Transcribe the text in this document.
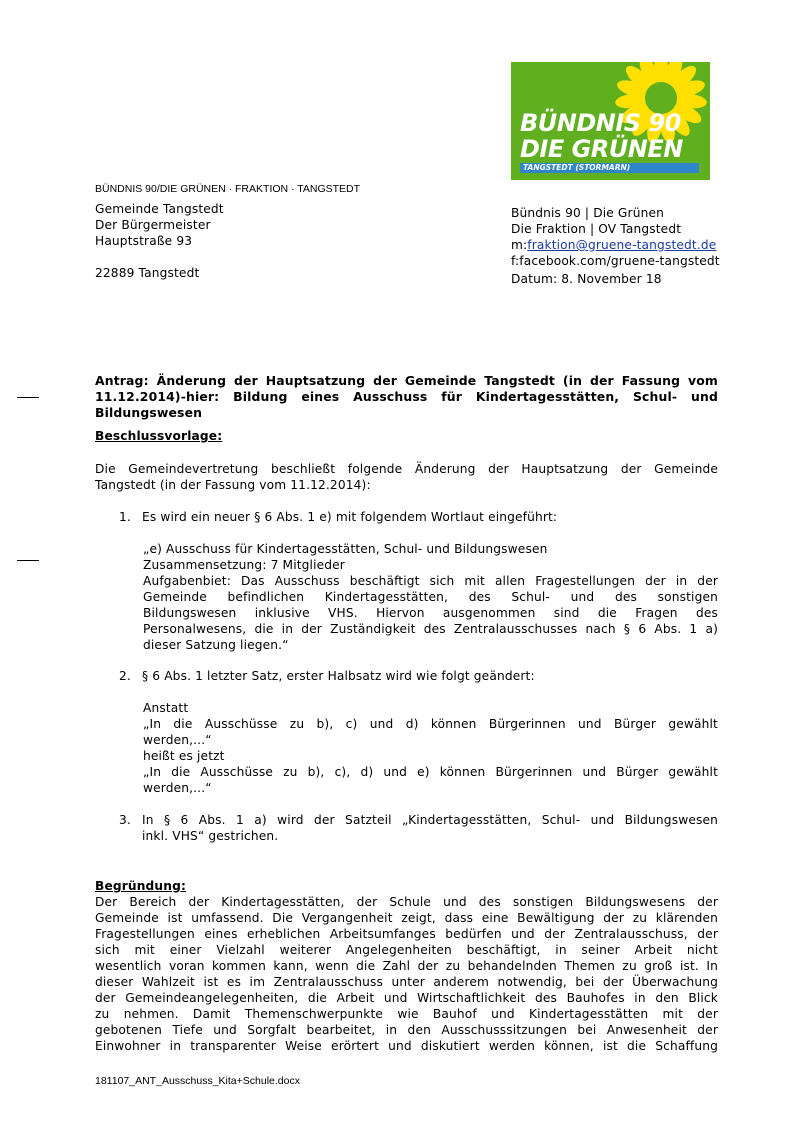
BÜNDNIS 90
DIE GRÜNEN
TANGSTEDT (STORMARN)
BÜNDNIS 90/DIE GRÜNEN · FRAKTION · TANGSTEDT
Gemeinde Tangstedt
Der Bürgermeister
Hauptstraße 93
22889 Tangstedt
Bündnis 90 | Die Grünen
Die Fraktion | OV Tangstedt
m:fraktion@gruene-tangstedt.de
f:facebook.com/gruene-tangstedt
Datum: 8. November 18
Antrag: Änderung der Hauptsatzung der Gemeinde Tangstedt (in der Fassung vom
11.12.2014)-hier: Bildung eines Ausschuss für Kindertagesstätten, Schul- und
Bildungswesen
Beschlussvorlage:
Die Gemeindevertretung beschließt folgende Änderung der Hauptsatzung der Gemeinde
Tangstedt (in der Fassung vom 11.12.2014):
1. Es wird ein neuer § 6 Abs. 1 e) mit folgendem Wortlaut eingeführt:
„e) Ausschuss für Kindertagesstätten, Schul- und Bildungswesen
Zusammensetzung: 7 Mitglieder
Aufgabenbiet: Das Ausschuss beschäftigt sich mit allen Fragestellungen der in der
Gemeinde befindlichen Kindertagesstätten, des Schul- und des sonstigen
Bildungswesen inklusive VHS. Hiervon ausgenommen sind die Fragen des
Personalwesens, die in der Zuständigkeit des Zentralausschusses nach § 6 Abs. 1 a)
dieser Satzung liegen.“
2. § 6 Abs. 1 letzter Satz, erster Halbsatz wird wie folgt geändert:
Anstatt
„In die Ausschüsse zu b), c) und d) können Bürgerinnen und Bürger gewählt
werden,...“
heißt es jetzt
„In die Ausschüsse zu b), c), d) und e) können Bürgerinnen und Bürger gewählt
werden,...“
3. In § 6 Abs. 1 a) wird der Satzteil „Kindertagesstätten, Schul- und Bildungswesen
inkl. VHS“ gestrichen.
Begründung:
Der Bereich der Kindertagesstätten, der Schule und des sonstigen Bildungswesens der
Gemeinde ist umfassend. Die Vergangenheit zeigt, dass eine Bewältigung der zu klärenden
Fragestellungen eines erheblichen Arbeitsumfanges bedürfen und der Zentralausschuss, der
sich mit einer Vielzahl weiterer Angelegenheiten beschäftigt, in seiner Arbeit nicht
wesentlich voran kommen kann, wenn die Zahl der zu behandelnden Themen zu groß ist. In
dieser Wahlzeit ist es im Zentralausschuss unter anderem notwendig, bei der Überwachung
der Gemeindeangelegenheiten, die Arbeit und Wirtschaftlichkeit des Bauhofes in den Blick
zu nehmen. Damit Themenschwerpunkte wie Bauhof und Kindertagesstätten mit der
gebotenen Tiefe und Sorgfalt bearbeitet, in den Ausschusssitzungen bei Anwesenheit der
Einwohner in transparenter Weise erörtert und diskutiert werden können, ist die Schaffung
181107_ANT_Ausschuss_Kita+Schule.docx
